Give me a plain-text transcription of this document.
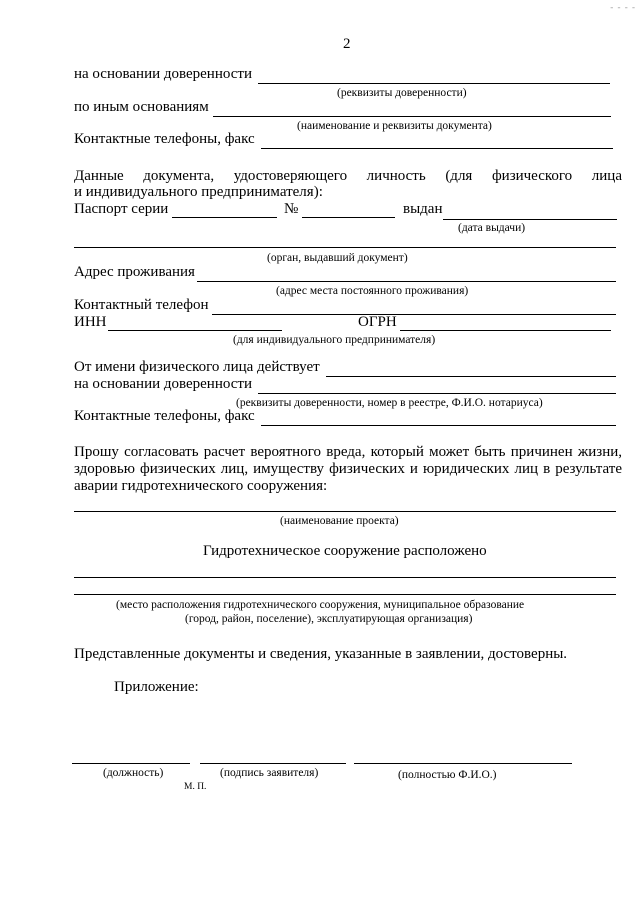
- - - -
2
на основании доверенности
(реквизиты доверенности)
по иным основаниям
(наименование и реквизиты документа)
Контактные телефоны, факс
Данные документа, удостоверяющего личность (для физического лица
и индивидуального предпринимателя):
Паспорт серии	№	выдан
(дата выдачи)
(орган, выдавший документ)
Адрес проживания
(адрес места постоянного проживания)
Контактный телефон
ИНН	ОГРН
(для индивидуального предпринимателя)
От имени физического лица действует
на основании доверенности
(реквизиты доверенности, номер в реестре, Ф.И.О. нотариуса)
Контактные телефоны, факс
Прошу согласовать расчет вероятного вреда, который может быть причинен жизни,
здоровью физических лиц, имуществу физических и юридических лиц в результате
аварии гидротехнического сооружения:
(наименование проекта)
Гидротехническое сооружение расположено
(место расположения гидротехнического сооружения, муниципальное образование
(город, район, поселение), эксплуатирующая организация)
Представленные документы и сведения, указанные в заявлении, достоверны.
Приложение:
(должность)	(подпись заявителя)	(полностью Ф.И.О.)
М. П.
